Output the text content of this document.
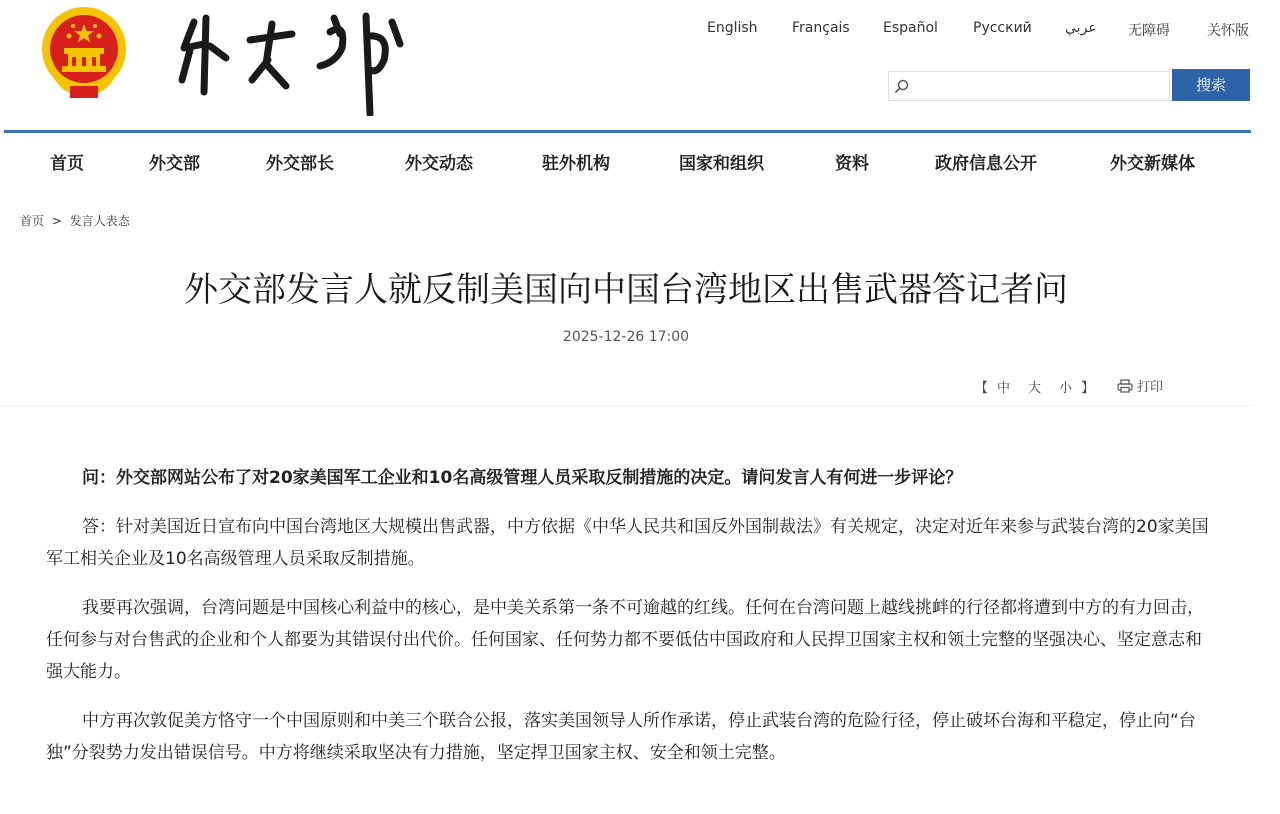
English Français Español	Русский عربي 无障碍	关怀版
搜索
首页	外交部	外交部长	外交动态	驻外机构	国家和组织	资料	政府信息公开	外交新媒体
首页 > 发言人表态
外交部发言人就反制美国向中国台湾地区出售武器答记者问
2025-12-26 17:00
【 中 大 小 】	打印

问：外交部网站公布了对20家美国军工企业和10名高级管理人员采取反制措施的决定。请问发言人有何进一步评论？

答：针对美国近日宣布向中国台湾地区大规模出售武器，中方依据《中华人民共和国反外国制裁法》有关规定，决定对近年来参与武装台湾的20家美国军工相关企业及10名高级管理人员采取反制措施。

我要再次强调，台湾问题是中国核心利益中的核心，是中美关系第一条不可逾越的红线。任何在台湾问题上越线挑衅的行径都将遭到中方的有力回击，任何参与对台售武的企业和个人都要为其错误付出代价。任何国家、任何势力都不要低估中国政府和人民捍卫国家主权和领土完整的坚强决心、坚定意志和强大能力。

中方再次敦促美方恪守一个中国原则和中美三个联合公报，落实美国领导人所作承诺，停止武装台湾的危险行径，停止破坏台海和平稳定，停止向“台独”分裂势力发出错误信号。中方将继续采取坚决有力措施，坚定捍卫国家主权、安全和领土完整。
